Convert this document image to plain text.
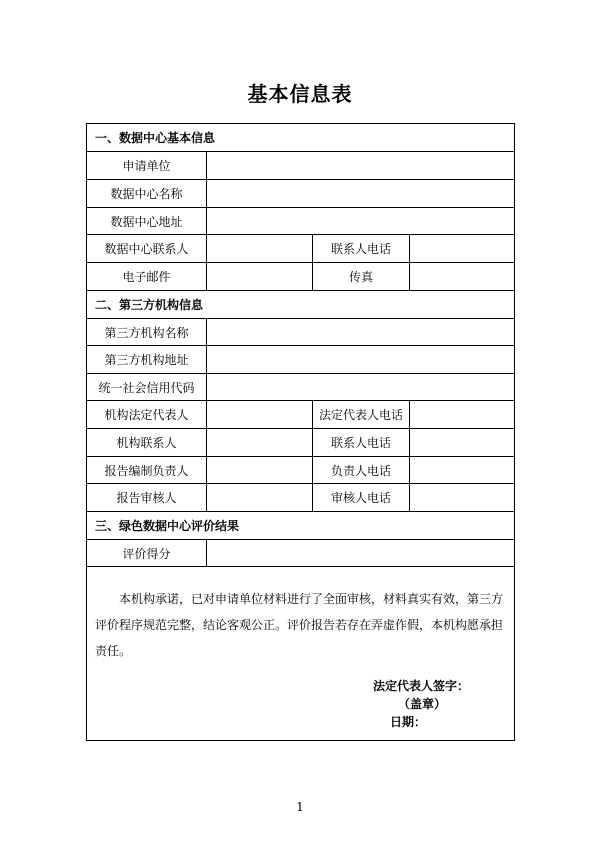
基本信息表
一、数据中心基本信息
申请单位
数据中心名称
数据中心地址
数据中心联系人	联系人电话
电子邮件	传真
二、第三方机构信息
第三方机构名称
第三方机构地址
统一社会信用代码
机构法定代表人	法定代表人电话
机构联系人	联系人电话
报告编制负责人	负责人电话
报告审核人	审核人电话
三、绿色数据中心评价结果
评价得分
本机构承诺，已对申请单位材料进行了全面审核，材料真实有效，第三方
评价程序规范完整，结论客观公正。评价报告若存在弄虚作假，本机构愿承担
责任。
法定代表人签字：
（盖章）
日期：
1
